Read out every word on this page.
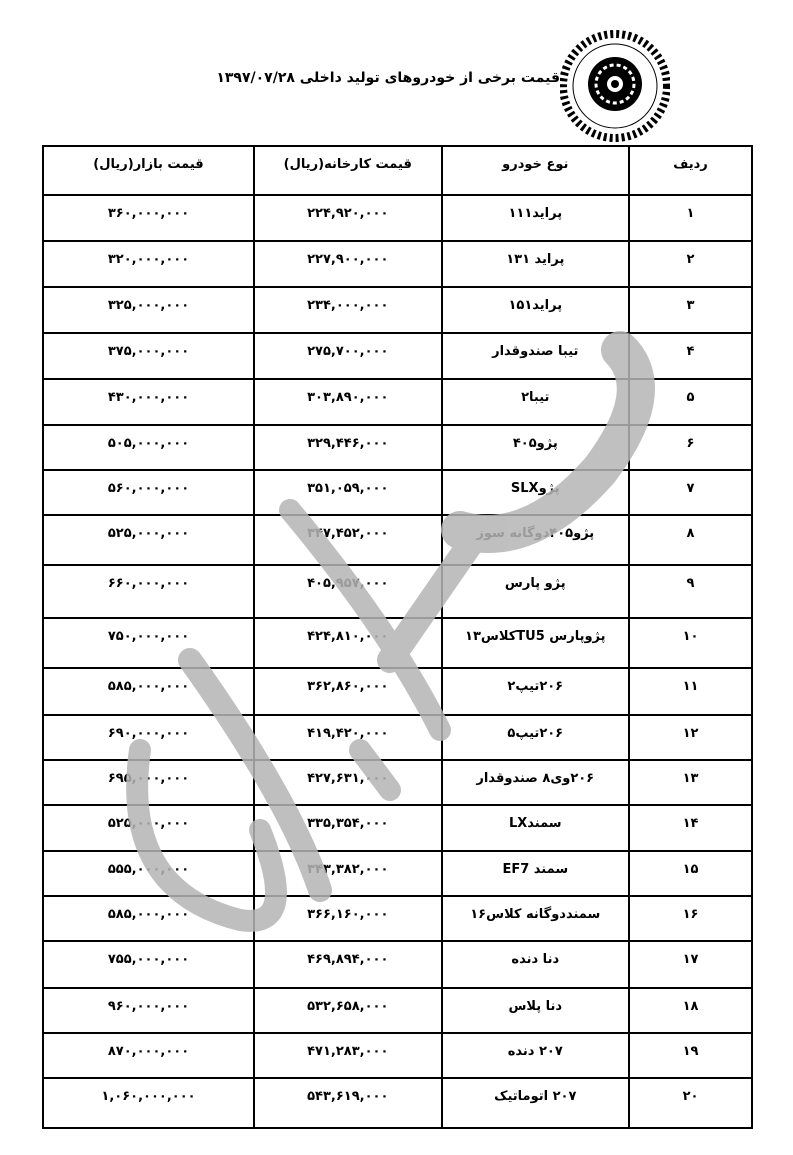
قیمت برخی از خودروهای تولید داخلی ۱۳۹۷/۰۷/۲۸
ردیف	نوع خودرو	قیمت کارخانه(ریال)	قیمت بازار(ریال)
۱	پراید۱۱۱	۲۲۴,۹۲۰,۰۰۰	۳۶۰,۰۰۰,۰۰۰
۲	پراید ۱۳۱	۲۲۷,۹۰۰,۰۰۰	۳۲۰,۰۰۰,۰۰۰
۳	پراید۱۵۱	۲۳۴,۰۰۰,۰۰۰	۳۲۵,۰۰۰,۰۰۰
۴	تیبا صندوقدار	۲۷۵,۷۰۰,۰۰۰	۳۷۵,۰۰۰,۰۰۰
۵	تیبا۲	۳۰۳,۸۹۰,۰۰۰	۴۳۰,۰۰۰,۰۰۰
۶	پژو۴۰۵	۳۲۹,۴۴۶,۰۰۰	۵۰۵,۰۰۰,۰۰۰
۷	پژوSLX	۳۵۱,۰۵۹,۰۰۰	۵۶۰,۰۰۰,۰۰۰
۸	پژو۴۰۵دوگانه سوز	۳۴۷,۴۵۲,۰۰۰	۵۲۵,۰۰۰,۰۰۰
۹	پژو پارس	۴۰۵,۹۵۷,۰۰۰	۶۶۰,۰۰۰,۰۰۰
۱۰	پژوپارس TU5کلاس۱۳	۴۲۴,۸۱۰,۰۰۰	۷۵۰,۰۰۰,۰۰۰
۱۱	۲۰۶تیپ۲	۳۶۲,۸۶۰,۰۰۰	۵۸۵,۰۰۰,۰۰۰
۱۲	۲۰۶تیپ۵	۴۱۹,۴۲۰,۰۰۰	۶۹۰,۰۰۰,۰۰۰
۱۳	۲۰۶وی۸ صندوقدار	۴۲۷,۶۳۱,۰۰۰	۶۹۵,۰۰۰,۰۰۰
۱۴	سمندLX	۳۳۵,۳۵۴,۰۰۰	۵۲۵,۰۰۰,۰۰۰
۱۵	سمند EF7	۳۴۳,۳۸۲,۰۰۰	۵۵۵,۰۰۰,۰۰۰
۱۶	سمنددوگانه کلاس۱۶	۳۶۶,۱۶۰,۰۰۰	۵۸۵,۰۰۰,۰۰۰
۱۷	دنا دنده	۴۶۹,۸۹۴,۰۰۰	۷۵۵,۰۰۰,۰۰۰
۱۸	دنا پلاس	۵۳۲,۶۵۸,۰۰۰	۹۶۰,۰۰۰,۰۰۰
۱۹	۲۰۷ دنده	۴۷۱,۲۸۳,۰۰۰	۸۷۰,۰۰۰,۰۰۰
۲۰	۲۰۷ اتوماتیک	۵۴۳,۶۱۹,۰۰۰	۱,۰۶۰,۰۰۰,۰۰۰
